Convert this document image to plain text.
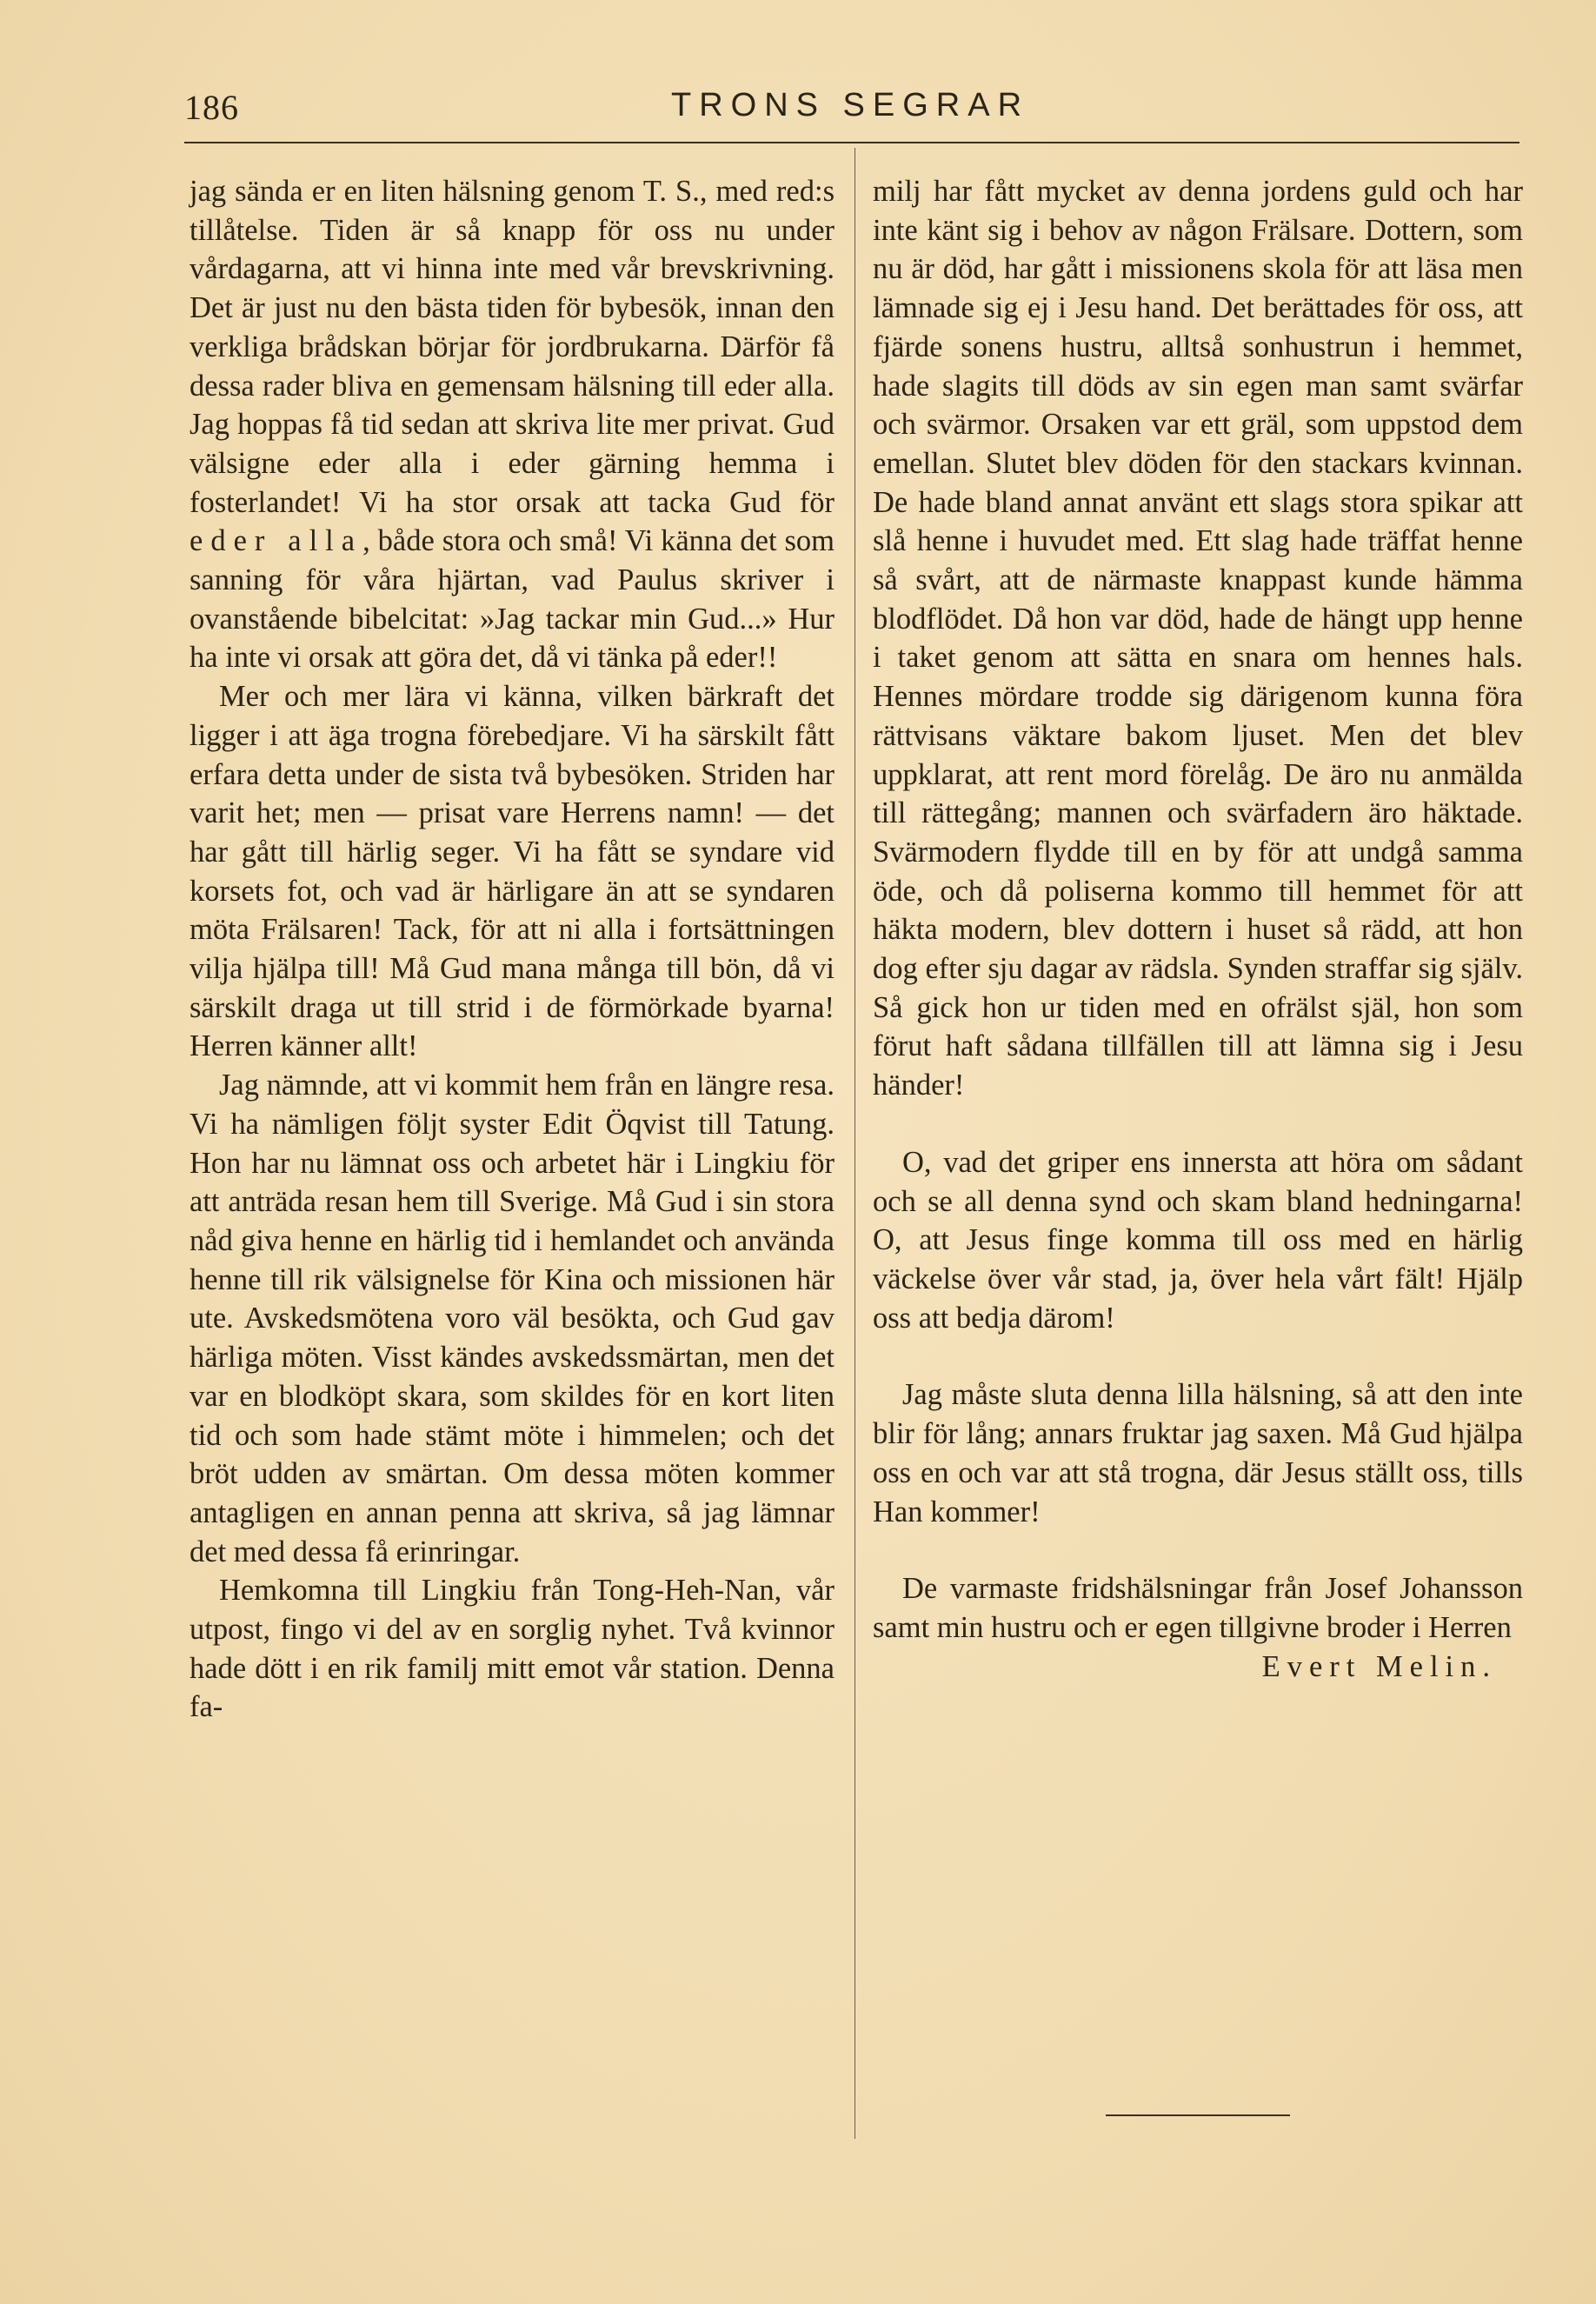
186	TRONS SEGRAR

jag sända er en liten hälsning genom T. S., med red:s tillåtelse. Tiden är så knapp för oss nu under vårdagarna, att vi hinna inte med vår brevskrivning. Det är just nu den bästa tiden för bybesök, innan den verkliga brådskan börjar för jordbrukarna. Därför få dessa rader bliva en gemensam hälsning till eder alla. Jag hoppas få tid sedan att skriva lite mer privat. Gud välsigne eder alla i eder gärning hemma i fosterlandet! Vi ha stor orsak att tacka Gud för eder alla, både stora och små! Vi känna det som sanning för våra hjärtan, vad Paulus skriver i ovanstående bibelcitat: »Jag tackar min Gud...» Hur ha inte vi orsak att göra det, då vi tänka på eder!!

Mer och mer lära vi känna, vilken bärkraft det ligger i att äga trogna förebedjare. Vi ha särskilt fått erfara detta under de sista två bybesöken. Striden har varit het; men — prisat vare Herrens namn! — det har gått till härlig seger. Vi ha fått se syndare vid korsets fot, och vad är härligare än att se syndaren möta Frälsaren! Tack, för att ni alla i fortsättningen vilja hjälpa till! Må Gud mana många till bön, då vi särskilt draga ut till strid i de förmörkade byarna! Herren känner allt!

Jag nämnde, att vi kommit hem från en längre resa. Vi ha nämligen följt syster Edit Öqvist till Tatung. Hon har nu lämnat oss och arbetet här i Lingkiu för att anträda resan hem till Sverige. Må Gud i sin stora nåd giva henne en härlig tid i hemlandet och använda henne till rik välsignelse för Kina och missionen här ute. Avskedsmötena voro väl besökta, och Gud gav härliga möten. Visst kändes avskedssmärtan, men det var en blodköpt skara, som skildes för en kort liten tid och som hade stämt möte i himmelen; och det bröt udden av smärtan. Om dessa möten kommer antagligen en annan penna att skriva, så jag lämnar det med dessa få erinringar.

Hemkomna till Lingkiu från Tong-Heh-Nan, vår utpost, fingo vi del av en sorglig nyhet. Två kvinnor hade dött i en rik familj mitt emot vår station. Denna fa-

milj har fått mycket av denna jordens guld och har inte känt sig i behov av någon Frälsare. Dottern, som nu är död, har gått i missionens skola för att läsa men lämnade sig ej i Jesu hand. Det berättades för oss, att fjärde sonens hustru, alltså sonhustrun i hemmet, hade slagits till döds av sin egen man samt svärfar och svärmor. Orsaken var ett gräl, som uppstod dem emellan. Slutet blev döden för den stackars kvinnan. De hade bland annat använt ett slags stora spikar att slå henne i huvudet med. Ett slag hade träffat henne så svårt, att de närmaste knappast kunde hämma blodflödet. Då hon var död, hade de hängt upp henne i taket genom att sätta en snara om hennes hals. Hennes mördare trodde sig därigenom kunna föra rättvisans väktare bakom ljuset. Men det blev uppklarat, att rent mord förelåg. De äro nu anmälda till rättegång; mannen och svärfadern äro häktade. Svärmodern flydde till en by för att undgå samma öde, och då poliserna kommo till hemmet för att häkta modern, blev dottern i huset så rädd, att hon dog efter sju dagar av rädsla. Synden straffar sig själv. Så gick hon ur tiden med en ofrälst själ, hon som förut haft sådana tillfällen till att lämna sig i Jesu händer!

O, vad det griper ens innersta att höra om sådant och se all denna synd och skam bland hedningarna! O, att Jesus finge komma till oss med en härlig väckelse över vår stad, ja, över hela vårt fält! Hjälp oss att bedja därom!

Jag måste sluta denna lilla hälsning, så att den inte blir för lång; annars fruktar jag saxen. Må Gud hjälpa oss en och var att stå trogna, där Jesus ställt oss, tills Han kommer!

De varmaste fridshälsningar från Josef Johansson samt min hustru och er egen tillgivne broder i Herren

Evert Melin.
